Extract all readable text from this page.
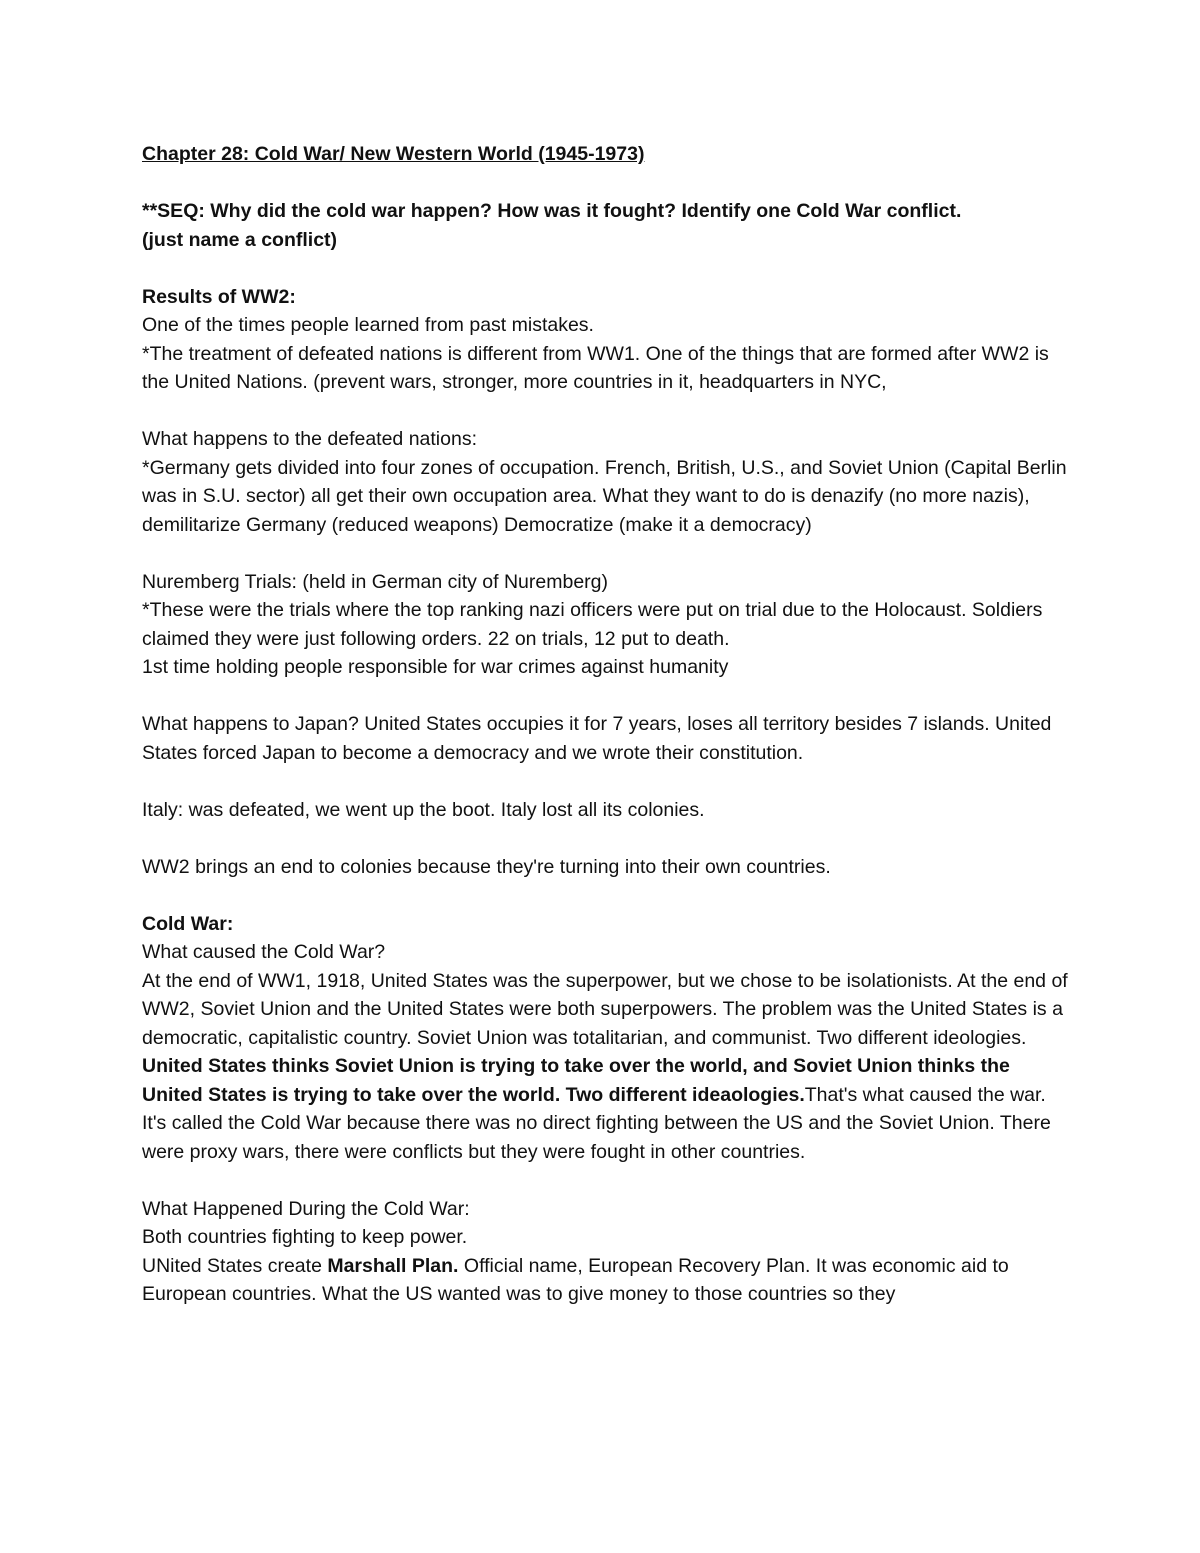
Chapter 28: Cold War/ New Western World (1945-1973)

**SEQ: Why did the cold war happen? How was it fought? Identify one Cold War conflict.

(just name a conflict)

Results of WW2:

One of the times people learned from past mistakes.

*The treatment of defeated nations is different from WW1. One of the things that are formed after WW2 is the United Nations. (prevent wars, stronger, more countries in it, headquarters in NYC,

What happens to the defeated nations:

*Germany gets divided into four zones of occupation. French, British, U.S., and Soviet Union (Capital Berlin was in S.U. sector) all get their own occupation area. What they want to do is denazify (no more nazis), demilitarize Germany (reduced weapons) Democratize (make it a democracy)

Nuremberg Trials: (held in German city of Nuremberg)

*These were the trials where the top ranking nazi officers were put on trial due to the Holocaust. Soldiers claimed they were just following orders. 22 on trials, 12 put to death.

1st time holding people responsible for war crimes against humanity

What happens to Japan? United States occupies it for 7 years, loses all territory besides 7 islands. United States forced Japan to become a democracy and we wrote their constitution.

Italy: was defeated, we went up the boot. Italy lost all its colonies.

WW2 brings an end to colonies because they're turning into their own countries.

Cold War:

What caused the Cold War?

At the end of WW1, 1918, United States was the superpower, but we chose to be isolationists. At the end of WW2, Soviet Union and the United States were both superpowers. The problem was the United States is a democratic, capitalistic country. Soviet Union was totalitarian, and communist. Two different ideologies. United States thinks Soviet Union is trying to take over the world, and Soviet Union thinks the United States is trying to take over the world. Two different ideaologies.That's what caused the war. It's called the Cold War because there was no direct fighting between the US and the Soviet Union. There were proxy wars, there were conflicts but they were fought in other countries.

What Happened During the Cold War:

Both countries fighting to keep power.

UNited States create Marshall Plan. Official name, European Recovery Plan. It was economic aid to European countries. What the US wanted was to give money to those countries so they
